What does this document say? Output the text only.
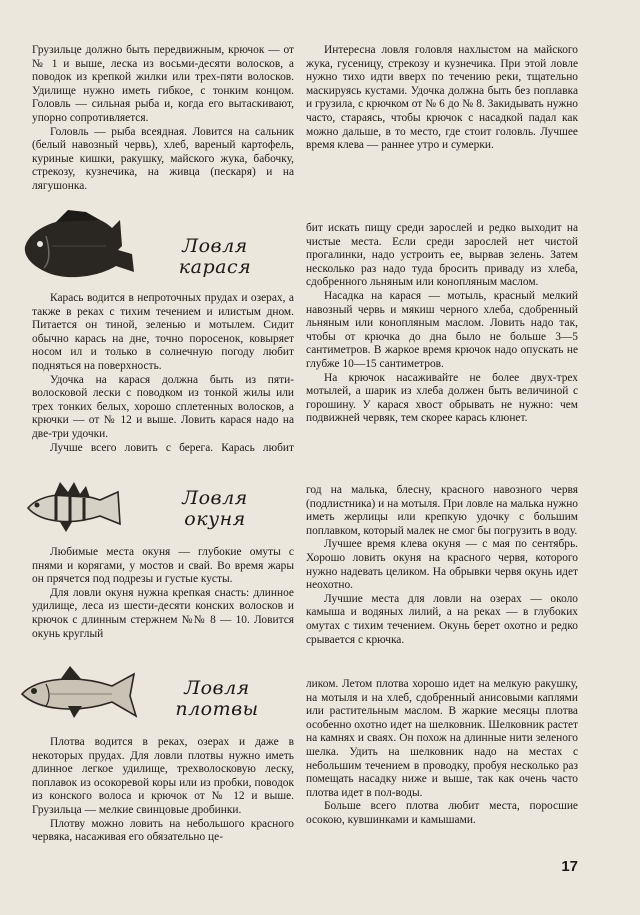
Грузильце должно быть передвижным, крючок — от № 1 и выше, леска из восьми-десяти волосков, а поводок из крепкой жилки или трех-пяти волосков. Удилище нужно иметь гибкое, с тонким концом. Головль — сильная рыба и, когда его вытаскивают, упорно сопротивляется.

Головль — рыба всеядная. Ловится на сальник (белый навозный червь), хлеб, вареный картофель, куриные кишки, ракушку, майского жука, бабочку, стрекозу, кузнечика, на живца (пескаря) и на лягушонка.

Интересна ловля головля нахлыстом на майского жука, гусеницу, стрекозу и кузнечика. При этой ловле нужно тихо идти вверх по течению реки, тщательно маскируясь кустами. Удочка должна быть без поплавка и грузила, с крючком от № 6 до № 8. Закидывать нужно часто, стараясь, чтобы крючок с насадкой падал как можно дальше, в то место, где стоит головль. Лучшее время клева — раннее утро и сумерки.

Ловля
карася

Карась водится в непроточных прудах и озерах, а также в реках с тихим течением и илистым дном. Питается он тиной, зеленью и мотылем. Сидит обычно карась на дне, точно поросенок, ковыряет носом ил и только в солнечную погоду любит подняться на поверхность.

Удочка на карася должна быть из пяти-волосковой лески с поводком из тонкой жилы или трех тонких белых, хорошо сплетенных волосков, а крючки — от № 12 и выше. Ловить карася надо на две-три удочки.

Лучше всего ловить с берега. Карась любит

бит искать пищу среди зарослей и редко выходит на чистые места. Если среди зарослей нет чистой прогалинки, надо устроить ее, вырвав зелень. Затем несколько раз надо туда бросить приваду из хлеба, сдобренного льняным или конопляным маслом.

Насадка на карася — мотыль, красный мелкий навозный червь и мякиш черного хлеба, сдобренный льняным или конопляным маслом. Ловить надо так, чтобы от крючка до дна было не больше 3—5 сантиметров. В жаркое время крючок надо опускать не глубже 10—15 сантиметров.

На крючок насаживайте не более двух-трех мотылей, а шарик из хлеба должен быть величиной с горошину. У карася хвост обрывать не нужно: чем подвижней червяк, тем скорее карась клюнет.

Ловля
окуня

Любимые места окуня — глубокие омуты с пнями и корягами, у мостов и свай. Во время жары он прячется под подрезы и густые кусты.

Для ловли окуня нужна крепкая снасть: длинное удилище, леса из шести-десяти конских волосков и крючок с длинным стержнем №№ 8 — 10. Ловится окунь круглый

год на малька, блесну, красного навозного червя (подлистника) и на мотыля. При ловле на малька нужно иметь жерлицы или крепкую удочку с большим поплавком, который малек не смог бы погрузить в воду.

Лучшее время клева окуня — с мая по сентябрь. Хорошо ловить окуня на красного червя, которого нужно надевать целиком. На обрывки червя окунь идет неохотно.

Лучшие места для ловли на озерах — около камыша и водяных лилий, а на реках — в глубоких омутах с тихим течением. Окунь берет охотно и редко срывается с крючка.

Ловля
плотвы

Плотва водится в реках, озерах и даже в некоторых прудах. Для ловли плотвы нужно иметь длинное легкое удилище, трехволосковую леску, поплавок из осокоревой коры или из пробки, поводок из конского волоса и крючок от № 12 и выше. Грузильца — мелкие свинцовые дробинки.

Плотву можно ловить на небольшого красного червяка, насаживая его обязательно це-

ликом. Летом плотва хорошо идет на мелкую ракушку, на мотыля и на хлеб, сдобренный анисовыми каплями или растительным маслом. В жаркие месяцы плотва особенно охотно идет на шелковник. Шелковник растет на камнях и сваях. Он похож на длинные нити зеленого шелка. Удить на шелковник надо на местах с небольшим течением в проводку, пробуя несколько раз помещать насадку ниже и выше, так как очень часто плотва идет в пол-воды.

Больше всего плотва любит места, поросшие осокою, кувшинками и камышами.

17
